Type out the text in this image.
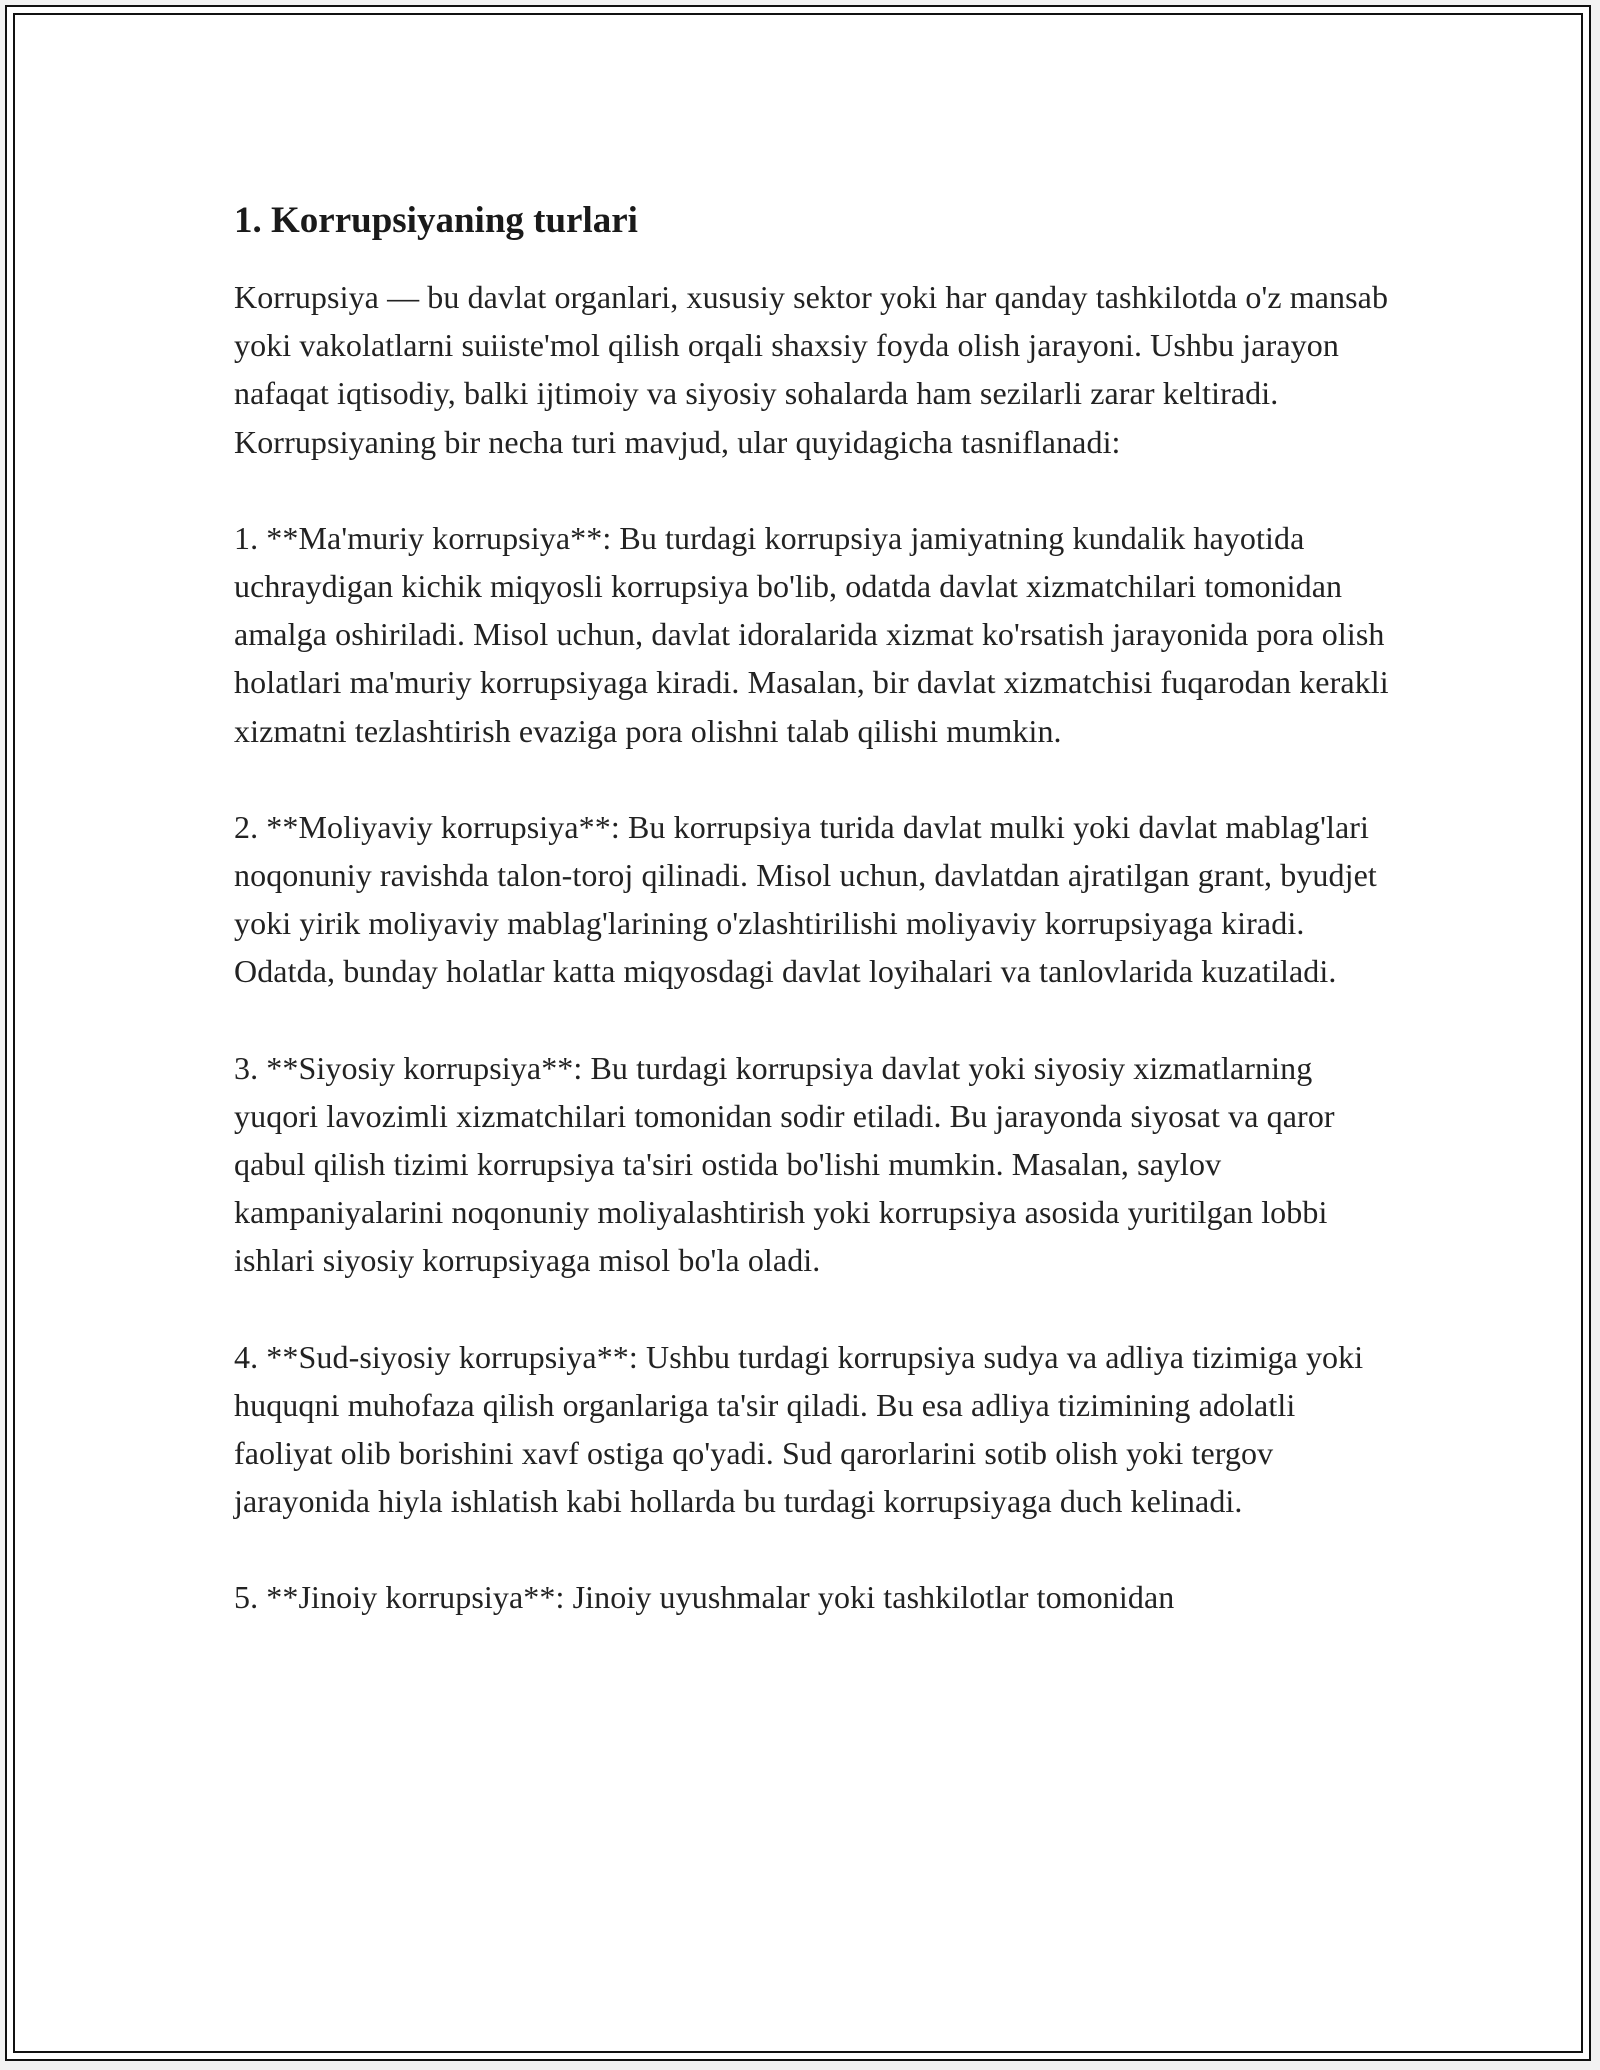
1. Korrupsiyaning turlari

Korrupsiya — bu davlat organlari, xususiy sektor yoki har qanday tashkilotda o'z mansab yoki vakolatlarni suiiste'mol qilish orqali shaxsiy foyda olish jarayoni. Ushbu jarayon nafaqat iqtisodiy, balki ijtimoiy va siyosiy sohalarda ham sezilarli zarar keltiradi. Korrupsiyaning bir necha turi mavjud, ular quyidagicha tasniflanadi:

1. **Ma'muriy korrupsiya**: Bu turdagi korrupsiya jamiyatning kundalik hayotida uchraydigan kichik miqyosli korrupsiya bo'lib, odatda davlat xizmatchilari tomonidan amalga oshiriladi. Misol uchun, davlat idoralarida xizmat ko'rsatish jarayonida pora olish holatlari ma'muriy korrupsiyaga kiradi. Masalan, bir davlat xizmatchisi fuqarodan kerakli xizmatni tezlashtirish evaziga pora olishni talab qilishi mumkin.

2. **Moliyaviy korrupsiya**: Bu korrupsiya turida davlat mulki yoki davlat mablag'lari noqonuniy ravishda talon-toroj qilinadi. Misol uchun, davlatdan ajratilgan grant, byudjet yoki yirik moliyaviy mablag'larining o'zlashtirilishi moliyaviy korrupsiyaga kiradi. Odatda, bunday holatlar katta miqyosdagi davlat loyihalari va tanlovlarida kuzatiladi.

3. **Siyosiy korrupsiya**: Bu turdagi korrupsiya davlat yoki siyosiy xizmatlarning yuqori lavozimli xizmatchilari tomonidan sodir etiladi. Bu jarayonda siyosat va qaror qabul qilish tizimi korrupsiya ta'siri ostida bo'lishi mumkin. Masalan, saylov kampaniyalarini noqonuniy moliyalashtirish yoki korrupsiya asosida yuritilgan lobbi ishlari siyosiy korrupsiyaga misol bo'la oladi.

4. **Sud-siyosiy korrupsiya**: Ushbu turdagi korrupsiya sudya va adliya tizimiga yoki huquqni muhofaza qilish organlariga ta'sir qiladi. Bu esa adliya tizimining adolatli faoliyat olib borishini xavf ostiga qo'yadi. Sud qarorlarini sotib olish yoki tergov jarayonida hiyla ishlatish kabi hollarda bu turdagi korrupsiyaga duch kelinadi.

5. **Jinoiy korrupsiya**: Jinoiy uyushmalar yoki tashkilotlar tomonidan
